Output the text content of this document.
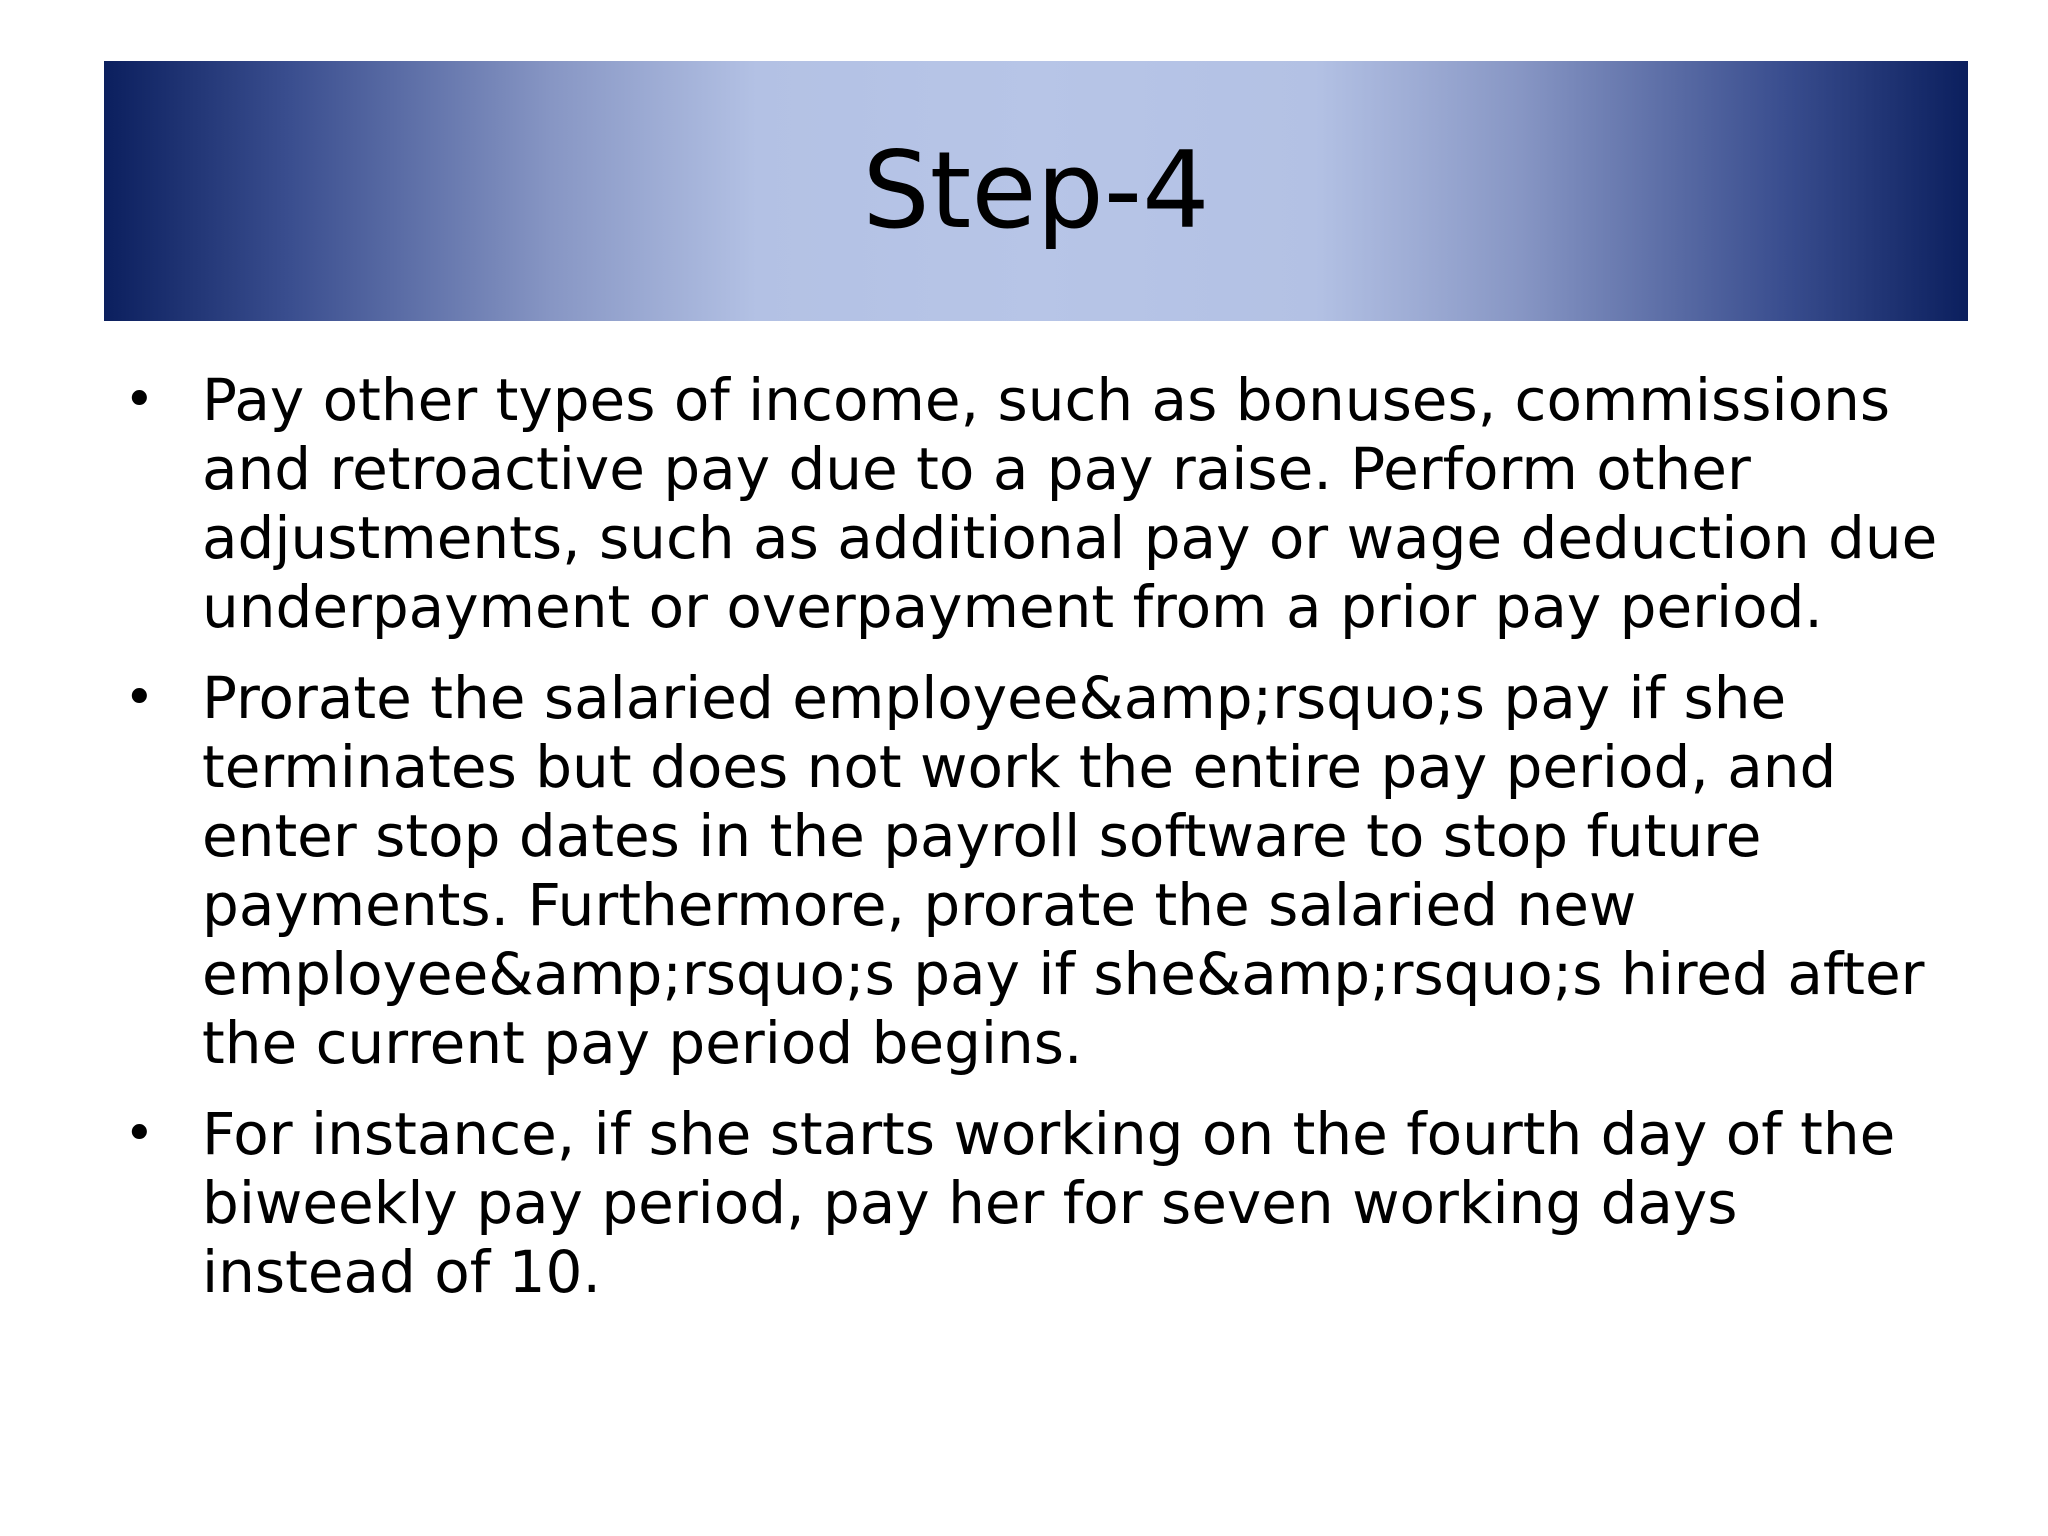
Step-4
• Pay other types of income, such as bonuses, commissions and retroactive pay due to a pay raise. Perform other adjustments, such as additional pay or wage deduction due underpayment or overpayment from a prior pay period.
• Prorate the salaried employee&amp;rsquo;s pay if she terminates but does not work the entire pay period, and enter stop dates in the payroll software to stop future payments. Furthermore, prorate the salaried new employee&amp;rsquo;s pay if she&amp;rsquo;s hired after the current pay period begins.
• For instance, if she starts working on the fourth day of the biweekly pay period, pay her for seven working days instead of 10.
